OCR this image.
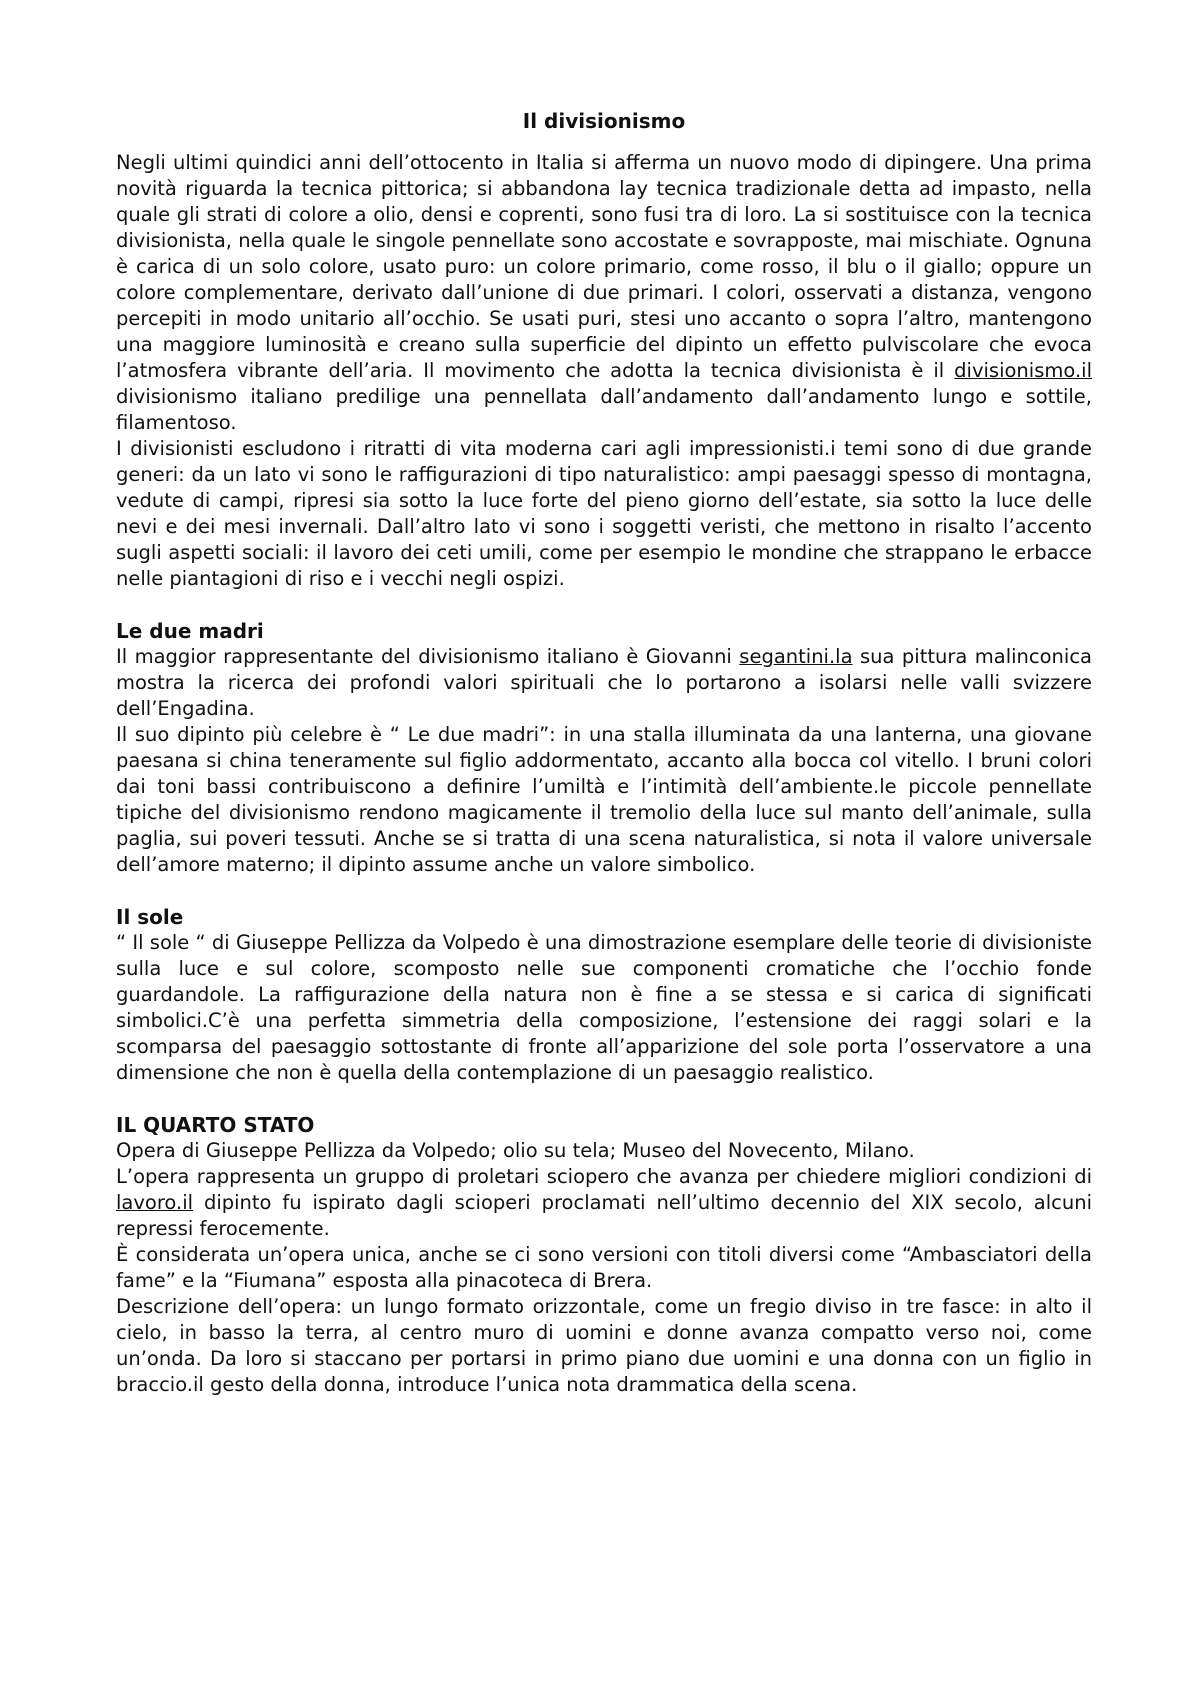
Il divisionismo

Negli ultimi quindici anni dell’ottocento in Italia si afferma un nuovo modo di dipingere. Una prima novità riguarda la tecnica pittorica; si abbandona lay tecnica tradizionale detta ad impasto, nella quale gli strati di colore a olio, densi e coprenti, sono fusi tra di loro. La si sostituisce con la tecnica divisionista, nella quale le singole pennellate sono accostate e sovrapposte, mai mischiate. Ognuna è carica di un solo colore, usato puro: un colore primario, come rosso, il blu o il giallo; oppure un colore complementare, derivato dall’unione di due primari. I colori, osservati a distanza, vengono percepiti in modo unitario all’occhio. Se usati puri, stesi uno accanto o sopra l’altro, mantengono una maggiore luminosità e creano sulla superficie del dipinto un effetto pulviscolare che evoca l’atmosfera vibrante dell’aria. Il movimento che adotta la tecnica divisionista è il divisionismo.il divisionismo italiano predilige una pennellata dall’andamento dall’andamento lungo e sottile, filamentoso.

I divisionisti escludono i ritratti di vita moderna cari agli impressionisti.i temi sono di due grande generi: da un lato vi sono le raffigurazioni di tipo naturalistico: ampi paesaggi spesso di montagna, vedute di campi, ripresi sia sotto la luce forte del pieno giorno dell’estate, sia sotto la luce delle nevi e dei mesi invernali. Dall’altro lato vi sono i soggetti veristi, che mettono in risalto l’accento sugli aspetti sociali: il lavoro dei ceti umili, come per esempio le mondine che strappano le erbacce nelle piantagioni di riso e i vecchi negli ospizi.

Le due madri

Il maggior rappresentante del divisionismo italiano è Giovanni segantini.la sua pittura malinconica mostra la ricerca dei profondi valori spirituali che lo portarono a isolarsi nelle valli svizzere dell’Engadina.

Il suo dipinto più celebre è “ Le due madri”: in una stalla illuminata da una lanterna, una giovane paesana si china teneramente sul figlio addormentato, accanto alla bocca col vitello. I bruni colori dai toni bassi contribuiscono a definire l’umiltà e l’intimità dell’ambiente.le piccole pennellate tipiche del divisionismo rendono magicamente il tremolio della luce sul manto dell’animale, sulla paglia, sui poveri tessuti. Anche se si tratta di una scena naturalistica, si nota il valore universale dell’amore materno; il dipinto assume anche un valore simbolico.

Il sole

“ Il sole “ di Giuseppe Pellizza da Volpedo è una dimostrazione esemplare delle teorie di divisioniste sulla luce e sul colore, scomposto nelle sue componenti cromatiche che l’occhio fonde guardandole. La raffigurazione della natura non è fine a se stessa e si carica di significati simbolici.C’è una perfetta simmetria della composizione, l’estensione dei raggi solari e la scomparsa del paesaggio sottostante di fronte all’apparizione del sole porta l’osservatore a una dimensione che non è quella della contemplazione di un paesaggio realistico.

IL QUARTO STATO

Opera di Giuseppe Pellizza da Volpedo; olio su tela; Museo del Novecento, Milano.

L’opera rappresenta un gruppo di proletari sciopero che avanza per chiedere migliori condizioni di lavoro.il dipinto fu ispirato dagli scioperi proclamati nell’ultimo decennio del XIX secolo, alcuni repressi ferocemente.

È considerata un’opera unica, anche se ci sono versioni con titoli diversi come “Ambasciatori della fame” e la “Fiumana” esposta alla pinacoteca di Brera.

Descrizione dell’opera: un lungo formato orizzontale, come un fregio diviso in tre fasce: in alto il cielo, in basso la terra, al centro muro di uomini e donne avanza compatto verso noi, come un’onda. Da loro si staccano per portarsi in primo piano due uomini e una donna con un figlio in braccio.il gesto della donna, introduce l’unica nota drammatica della scena.
